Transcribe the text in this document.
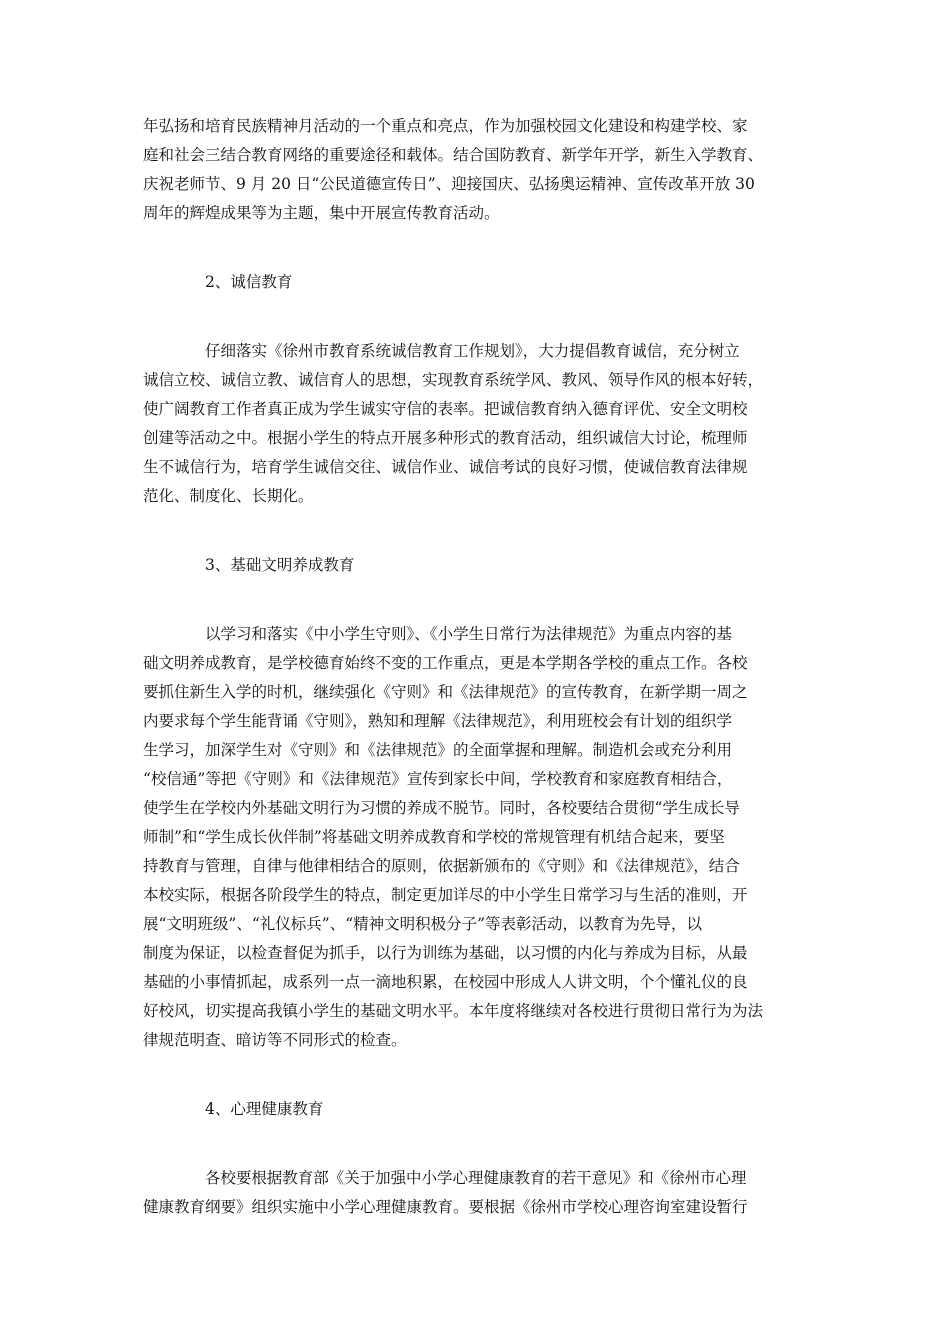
年弘扬和培育民族精神月活动的一个重点和亮点，作为加强校园文化建设和构建学校、家
庭和社会三结合教育网络的重要途径和载体。结合国防教育、新学年开学，新生入学教育、
庆祝老师节、9 月 20 日“公民道德宣传日”、迎接国庆、弘扬奥运精神、宣传改革开放 30
周年的辉煌成果等为主题，集中开展宣传教育活动。

2、诚信教育

仔细落实《徐州市教育系统诚信教育工作规划》，大力提倡教育诚信，充分树立
诚信立校、诚信立教、诚信育人的思想，实现教育系统学风、教风、领导作风的根本好转，
使广阔教育工作者真正成为学生诚实守信的表率。把诚信教育纳入德育评优、安全文明校
创建等活动之中。根据小学生的特点开展多种形式的教育活动，组织诚信大讨论，梳理师
生不诚信行为，培育学生诚信交往、诚信作业、诚信考试的良好习惯，使诚信教育法律规
范化、制度化、长期化。

3、基础文明养成教育

以学习和落实《中小学生守则》、《小学生日常行为法律规范》为重点内容的基
础文明养成教育，是学校德育始终不变的工作重点，更是本学期各学校的重点工作。各校
要抓住新生入学的时机，继续强化《守则》和《法律规范》的宣传教育，在新学期一周之
内要求每个学生能背诵《守则》，熟知和理解《法律规范》，利用班校会有计划的组织学
生学习，加深学生对《守则》和《法律规范》的全面掌握和理解。制造机会或充分利用
“校信通”等把《守则》和《法律规范》宣传到家长中间，学校教育和家庭教育相结合，
使学生在学校内外基础文明行为习惯的养成不脱节。同时，各校要结合贯彻“学生成长导
师制”和“学生成长伙伴制”将基础文明养成教育和学校的常规管理有机结合起来，要坚
持教育与管理，自律与他律相结合的原则，依据新颁布的《守则》和《法律规范》，结合
本校实际，根据各阶段学生的特点，制定更加详尽的中小学生日常学习与生活的准则，开
展“文明班级”、“礼仪标兵”、“精神文明积极分子”等表彰活动，以教育为先导，以
制度为保证，以检查督促为抓手，以行为训练为基础，以习惯的内化与养成为目标，从最
基础的小事情抓起，成系列一点一滴地积累，在校园中形成人人讲文明，个个懂礼仪的良
好校风，切实提高我镇小学生的基础文明水平。本年度将继续对各校进行贯彻日常行为为法
律规范明查、暗访等不同形式的检查。

4、心理健康教育

各校要根据教育部《关于加强中小学心理健康教育的若干意见》和《徐州市心理
健康教育纲要》组织实施中小学心理健康教育。要根据《徐州市学校心理咨询室建设暂行
